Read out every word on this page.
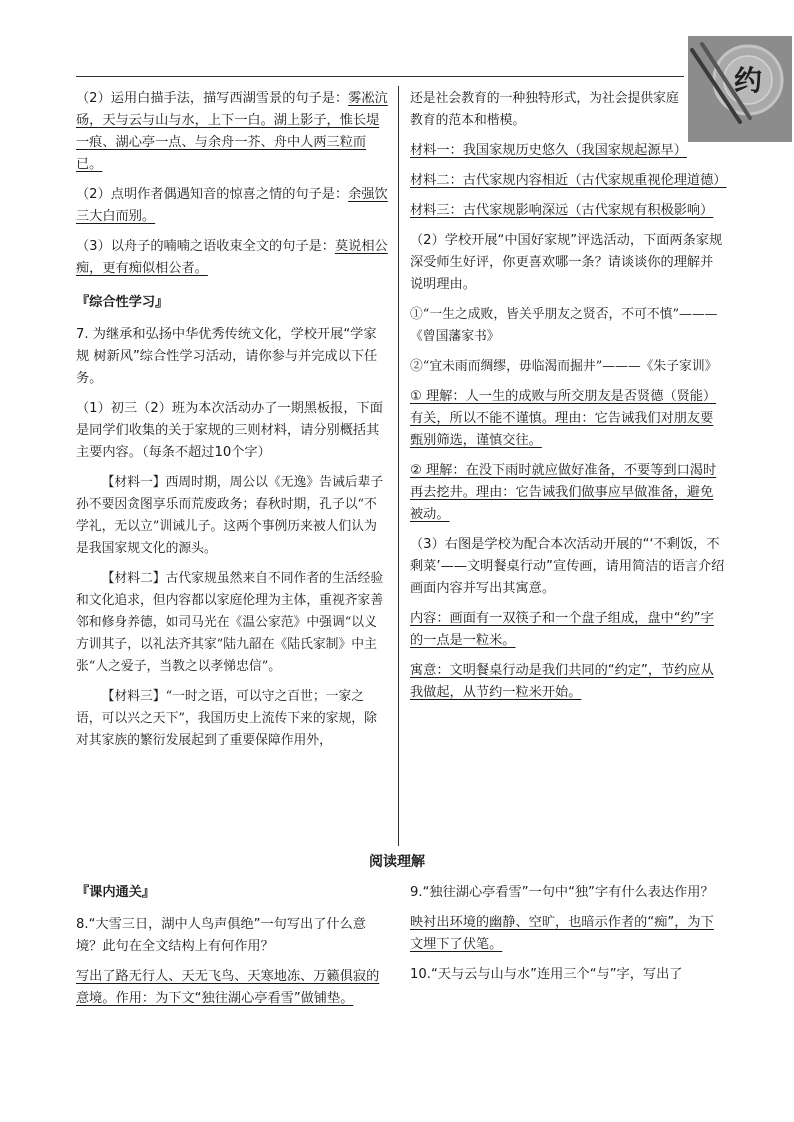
约

（2）运用白描手法，描写西湖雪景的句子是：雾凇沆砀，天与云与山与水，上下一白。湖上影子，惟长堤一痕、湖心亭一点、与余舟一芥、舟中人两三粒而已。

（2）点明作者偶遇知音的惊喜之情的句子是：余强饮三大白而别。

（3）以舟子的喃喃之语收束全文的句子是：莫说相公痴，更有痴似相公者。

『综合性学习』

7. 为继承和弘扬中华优秀传统文化，学校开展“学家规 树新风”综合性学习活动，请你参与并完成以下任务。

（1）初三（2）班为本次活动办了一期黑板报，下面是同学们收集的关于家规的三则材料，请分别概括其主要内容。（每条不超过10个字）

【材料一】西周时期，周公以《无逸》告诫后辈子孙不要因贪图享乐而荒废政务；春秋时期，孔子以“不学礼，无以立”训诫儿子。这两个事例历来被人们认为是我国家规文化的源头。

【材料二】古代家规虽然来自不同作者的生活经验和文化追求，但内容都以家庭伦理为主体，重视齐家善邻和修身养德，如司马光在《温公家范》中强调“以义方训其子，以礼法齐其家”陆九韶在《陆氏家制》中主张“人之爱子，当教之以孝悌忠信”。

【材料三】“一时之语，可以守之百世；一家之语，可以兴之天下”，我国历史上流传下来的家规，除对其家族的繁衍发展起到了重要保障作用外，

还是社会教育的一种独特形式，为社会提供家庭教育的范本和楷模。

材料一：我国家规历史悠久（我国家规起源早）

材料二：古代家规内容相近（古代家规重视伦理道德）

材料三：古代家规影响深远（古代家规有积极影响）

（2）学校开展“中国好家规”评选活动，下面两条家规深受师生好评，你更喜欢哪一条？请谈谈你的理解并说明理由。

①“一生之成败，皆关乎朋友之贤否，不可不慎”———《曾国藩家书》

②“宜未雨而绸缪，毋临渴而掘井”———《朱子家训》

① 理解：人一生的成败与所交朋友是否贤德（贤能）有关，所以不能不谨慎。理由：它告诫我们对朋友要甄别筛选，谨慎交往。

② 理解：在没下雨时就应做好准备，不要等到口渴时再去挖井。理由：它告诫我们做事应早做准备，避免被动。

（3）右图是学校为配合本次活动开展的“‘不剩饭，不剩菜’——文明餐桌行动”宣传画，请用简洁的语言介绍画面内容并写出其寓意。

内容：画面有一双筷子和一个盘子组成，盘中“约”字的一点是一粒米。

寓意：文明餐桌行动是我们共同的“约定”，节约应从我做起，从节约一粒米开始。

阅读理解

『课内通关』

8.“大雪三日，湖中人鸟声俱绝”一句写出了什么意境？此句在全文结构上有何作用？

写出了路无行人、天无飞鸟、天寒地冻、万籁俱寂的意境。作用：为下文“独往湖心亭看雪”做铺垫。

9.“独往湖心亭看雪”一句中“独”字有什么表达作用？

映衬出环境的幽静、空旷，也暗示作者的“痴”，为下文埋下了伏笔。

10.“天与云与山与水”连用三个“与”字，写出了
